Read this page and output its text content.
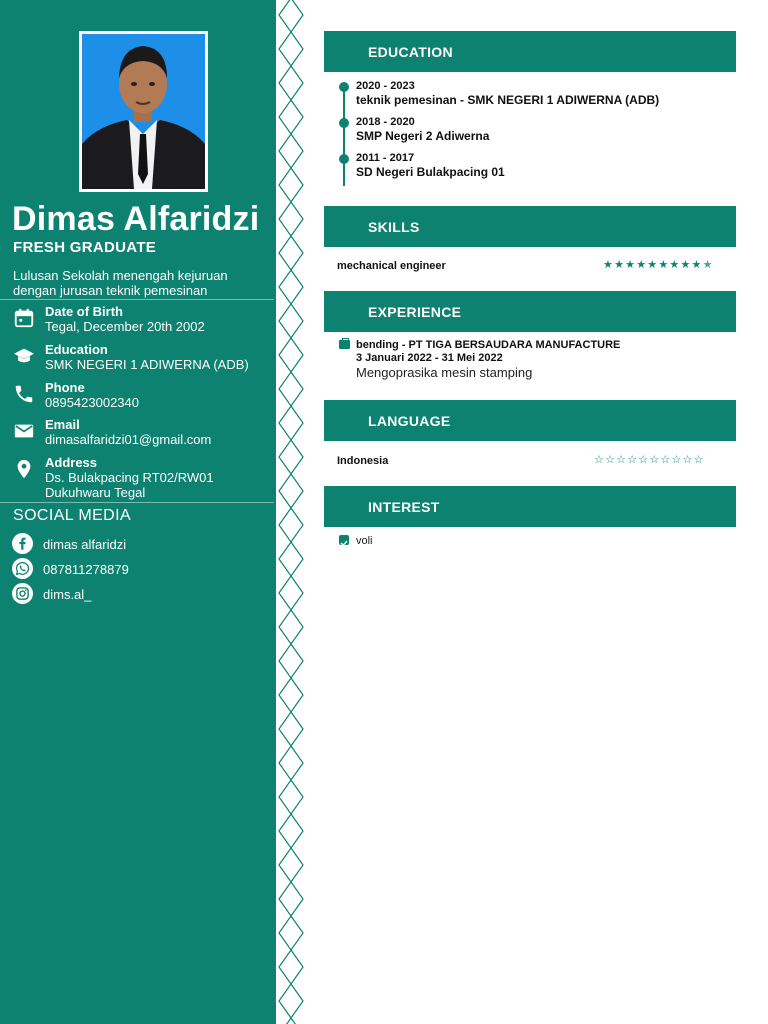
Dimas Alfaridzi
FRESH GRADUATE
Lulusan Sekolah menengah kejuruan dengan jurusan teknik pemesinan
Date of Birth
Tegal, December 20th 2002
Education
SMK NEGERI 1 ADIWERNA (ADB)
Phone
0895423002340
Email
dimasalfaridzi01@gmail.com
Address
Ds. Bulakpacing RT02/RW01 Dukuhwaru Tegal
SOCIAL MEDIA
dimas alfaridzi
087811278879
dims.al_
EDUCATION
2020 - 2023
teknik pemesinan - SMK NEGERI 1 ADIWERNA (ADB)
2018 - 2020
SMP Negeri 2 Adiwerna
2011 - 2017
SD Negeri Bulakpacing 01
SKILLS
mechanical engineer	★★★★★★★★★★
EXPERIENCE
bending - PT TIGA BERSAUDARA MANUFACTURE
3 Januari 2022 - 31 Mei 2022
Mengoprasika mesin stamping
LANGUAGE
Indonesia	☆☆☆☆☆☆☆☆☆☆
INTEREST
voli
